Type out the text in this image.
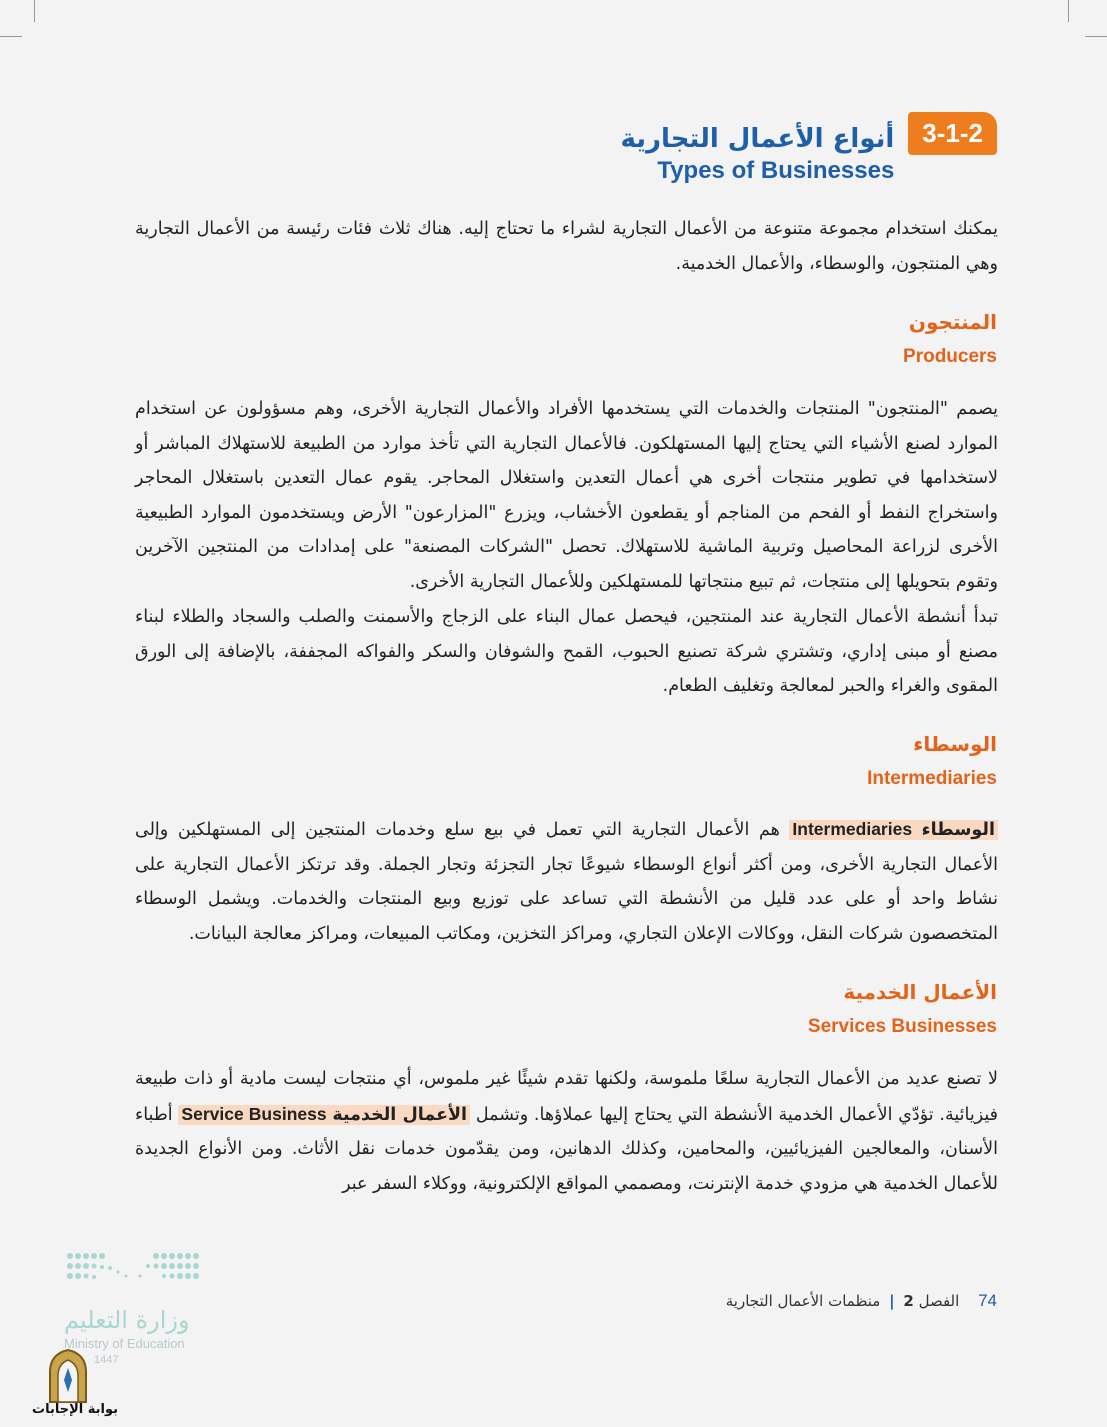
3-1-2
أنواع الأعمال التجارية
Types of Businesses
يمكنك استخدام مجموعة متنوعة من الأعمال التجارية لشراء ما تحتاج إليه. هناك ثلاث فئات رئيسة من الأعمال التجارية وهي المنتجون، والوسطاء، والأعمال الخدمية.
المنتجون
Producers
يصمم "المنتجون" المنتجات والخدمات التي يستخدمها الأفراد والأعمال التجارية الأخرى، وهم مسؤولون عن استخدام الموارد لصنع الأشياء التي يحتاج إليها المستهلكون. فالأعمال التجارية التي تأخذ موارد من الطبيعة للاستهلاك المباشر أو لاستخدامها في تطوير منتجات أخرى هي أعمال التعدين واستغلال المحاجر. يقوم عمال التعدين باستغلال المحاجر واستخراج النفط أو الفحم من المناجم أو يقطعون الأخشاب، ويزرع "المزارعون" الأرض ويستخدمون الموارد الطبيعية الأخرى لزراعة المحاصيل وتربية الماشية للاستهلاك. تحصل "الشركات المصنعة" على إمدادات من المنتجين الآخرين وتقوم بتحويلها إلى منتجات، ثم تبيع منتجاتها للمستهلكين وللأعمال التجارية الأخرى.
تبدأ أنشطة الأعمال التجارية عند المنتجين، فيحصل عمال البناء على الزجاج والأسمنت والصلب والسجاد والطلاء لبناء مصنع أو مبنى إداري، وتشتري شركة تصنيع الحبوب، القمح والشوفان والسكر والفواكه المجففة، بالإضافة إلى الورق المقوى والغراء والحبر لمعالجة وتغليف الطعام.
الوسطاء
Intermediaries
الوسطاء Intermediaries هم الأعمال التجارية التي تعمل في بيع سلع وخدمات المنتجين إلى المستهلكين وإلى الأعمال التجارية الأخرى، ومن أكثر أنواع الوسطاء شيوعًا تجار التجزئة وتجار الجملة. وقد ترتكز الأعمال التجارية على نشاط واحد أو على عدد قليل من الأنشطة التي تساعد على توزيع وبيع المنتجات والخدمات. ويشمل الوسطاء المتخصصون شركات النقل، ووكالات الإعلان التجاري، ومراكز التخزين، ومكاتب المبيعات، ومراكز معالجة البيانات.
الأعمال الخدمية
Services Businesses
لا تصنع عديد من الأعمال التجارية سلعًا ملموسة، ولكنها تقدم شيئًا غير ملموس، أي منتجات ليست مادية أو ذات طبيعة فيزيائية. تؤدّي الأعمال الخدمية الأنشطة التي يحتاج إليها عملاؤها. وتشمل الأعمال الخدمية Service Business أطباء الأسنان، والمعالجين الفيزيائيين، والمحامين، وكذلك الدهانين، ومن يقدّمون خدمات نقل الأثاث. ومن الأنواع الجديدة للأعمال الخدمية هي مزودي خدمة الإنترنت، ومصممي المواقع الإلكترونية، ووكلاء السفر عبر
74 الفصل 2 | منظمات الأعمال التجارية
وزارة التعليم
Ministry of Education
1447
بوابة الإجابات
